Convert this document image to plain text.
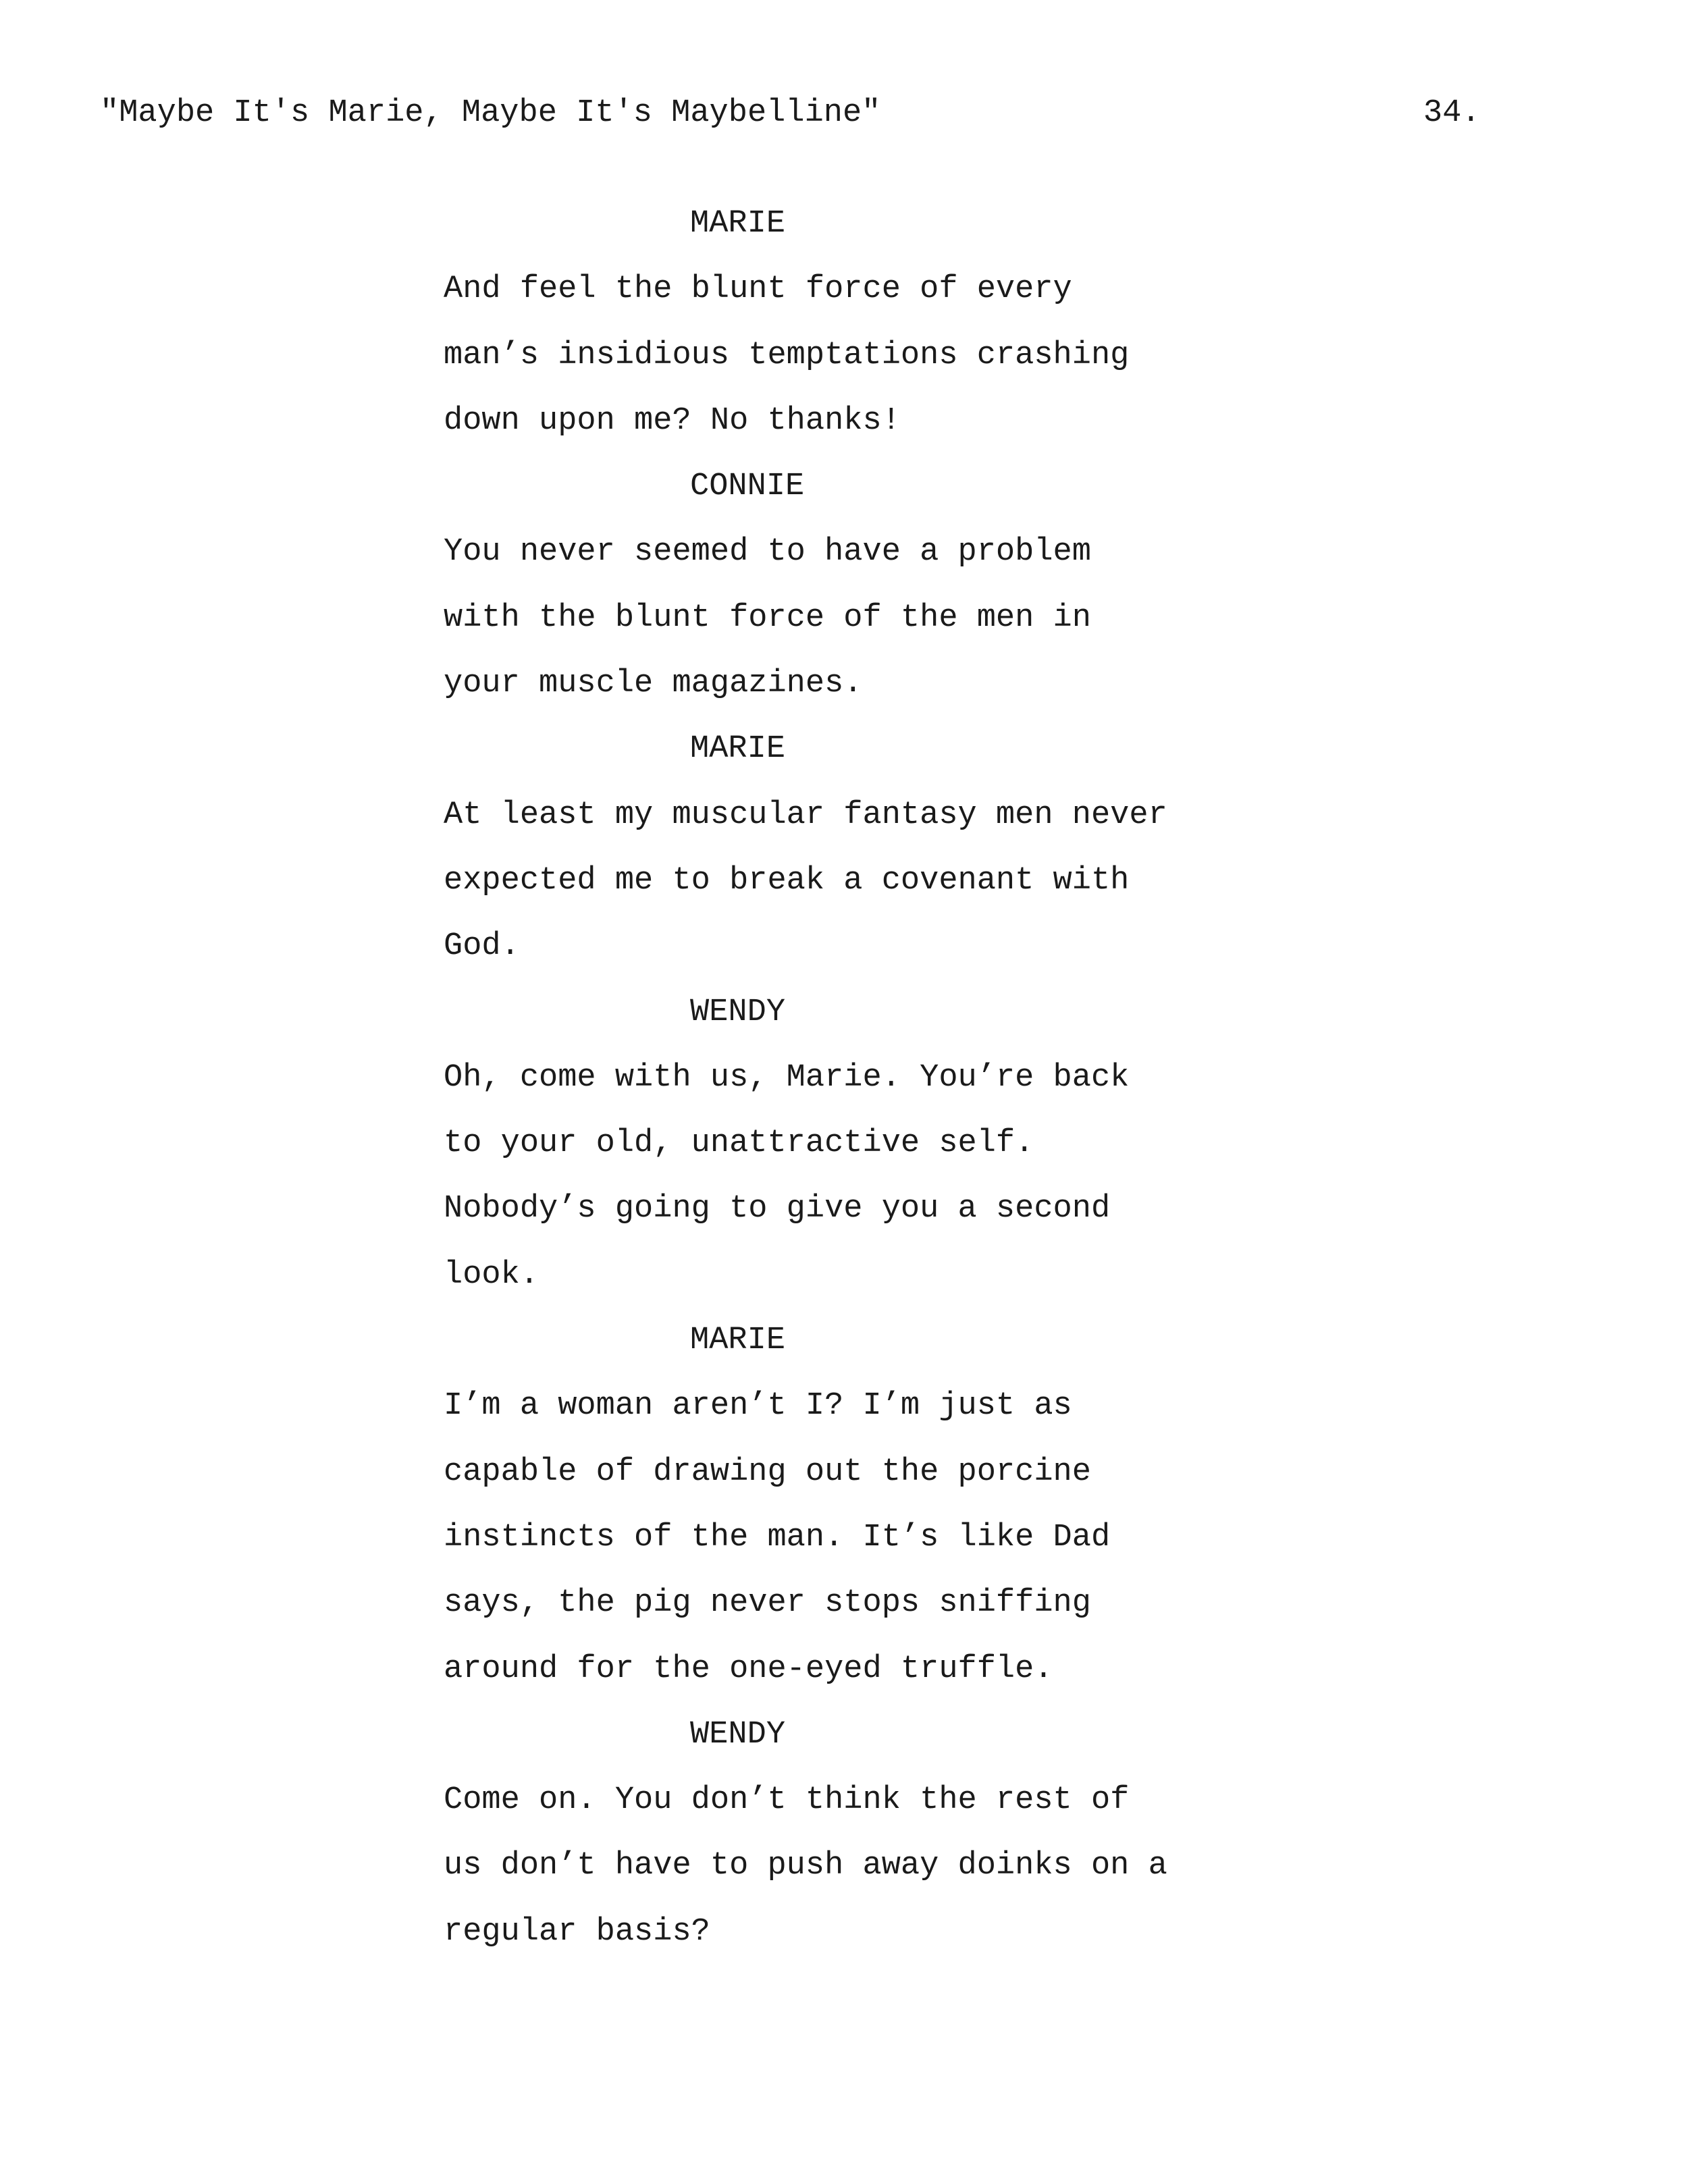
"Maybe It's Marie, Maybe It's Maybelline"	34.
MARIE
And feel the blunt force of every
man’s insidious temptations crashing
down upon me? No thanks!
CONNIE
You never seemed to have a problem
with the blunt force of the men in
your muscle magazines.
MARIE
At least my muscular fantasy men never
expected me to break a covenant with
God.
WENDY
Oh, come with us, Marie. You’re back
to your old, unattractive self.
Nobody’s going to give you a second
look.
MARIE
I’m a woman aren’t I? I’m just as
capable of drawing out the porcine
instincts of the man. It’s like Dad
says, the pig never stops sniffing
around for the one-eyed truffle.
WENDY
Come on. You don’t think the rest of
us don’t have to push away doinks on a
regular basis?
